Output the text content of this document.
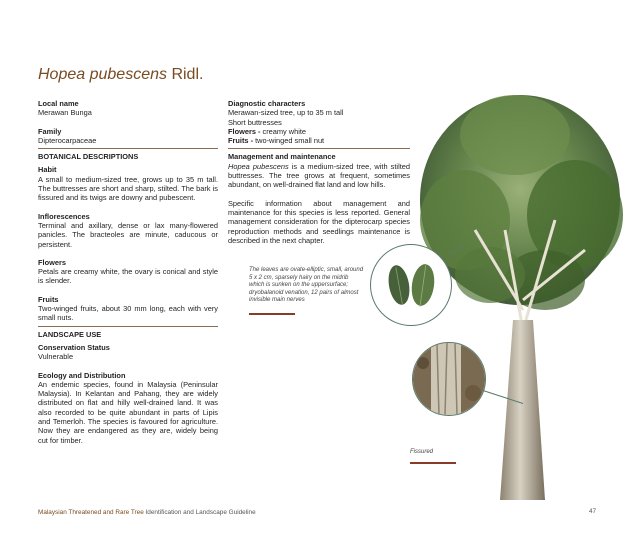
Hopea pubescens Ridl.

Local name

Merawan Bunga

Family

Dipterocarpaceae

BOTANICAL DESCRIPTIONS

Habit

A small to medium-sized tree, grows up to 35 m tall. The buttresses are short and sharp, stilted. The bark is fissured and its twigs are downy and pubescent.

Inflorescences

Terminal and axillary, dense or lax many-flowered panicles. The bracteoles are minute, caducous or persistent.

Flowers

Petals are creamy white, the ovary is conical and style is slender.

Fruits

Two-winged fruits, about 30 mm long, each with very small nuts.

LANDSCAPE USE

Conservation Status

Vulnerable

Ecology and Distribution

An endemic species, found in Malaysia (Peninsular Malaysia). In Kelantan and Pahang, they are widely distributed on flat and hilly well-drained land. It was also recorded to be quite abundant in parts of Lipis and Temerloh. The species is favoured for agriculture. Now they are endangered as they are, widely being cut for timber.

Diagnostic characters

Merawan-sized tree, up to 35 m tall

Short buttresses

Flowers - creamy white

Fruits - two-winged small nut

Management and maintenance

Hopea pubescens is a medium-sized tree, with stilted buttresses. The tree grows at frequent, sometimes abundant, on well-drained flat land and low hills.

Specific information about management and maintenance for this species is less reported. General management consideration for the dipterocarp species reproduction methods and seedlings maintenance is described in the next chapter.

The leaves are ovate-elliptic, small, around 5 x 2 cm, sparsely hairy on the midrib which is sunken on the uppersurface; dryobalanoid venation, 12 pairs of almost invisible main nerves
Fissured
Malaysian Threatened and Rare Tree Identification and Landscape Guideline	47
